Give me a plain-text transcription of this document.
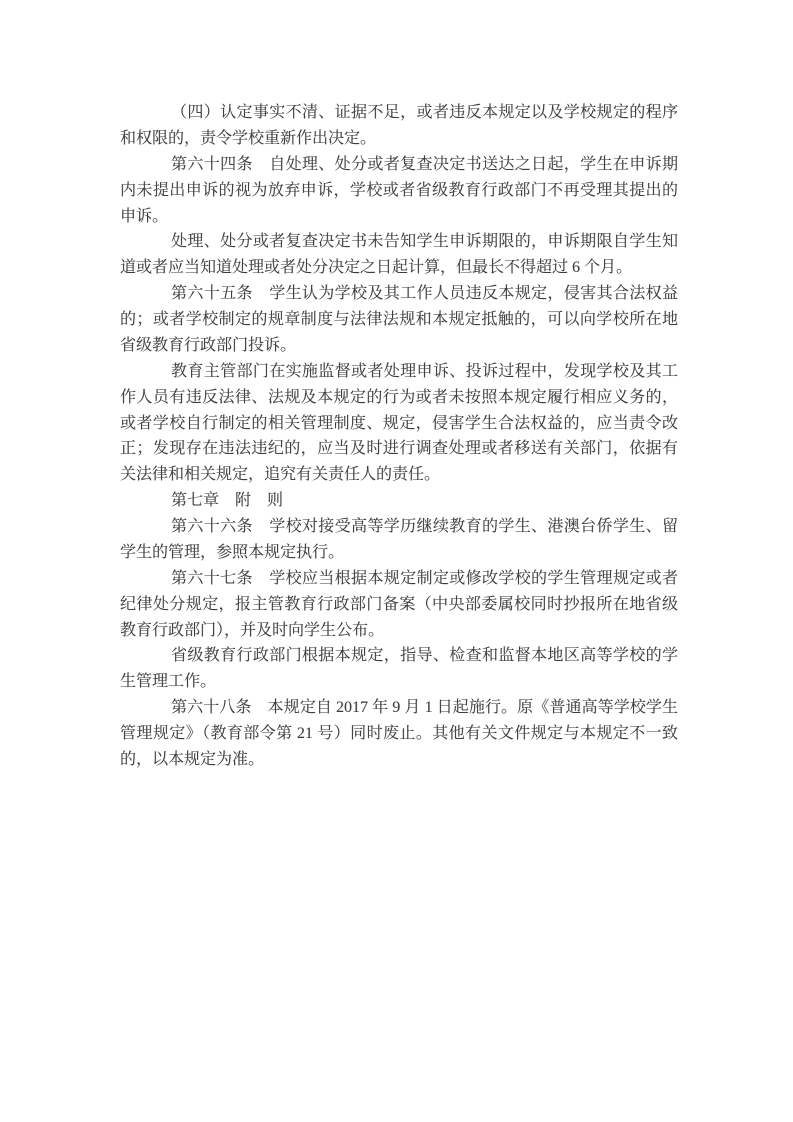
（四）认定事实不清、证据不足，或者违反本规定以及学校规定的程序和权限的，责令学校重新作出决定。

第六十四条　自处理、处分或者复查决定书送达之日起，学生在申诉期内未提出申诉的视为放弃申诉，学校或者省级教育行政部门不再受理其提出的申诉。

处理、处分或者复查决定书未告知学生申诉期限的，申诉期限自学生知道或者应当知道处理或者处分决定之日起计算，但最长不得超过 6 个月。

第六十五条　学生认为学校及其工作人员违反本规定，侵害其合法权益的；或者学校制定的规章制度与法律法规和本规定抵触的，可以向学校所在地省级教育行政部门投诉。

教育主管部门在实施监督或者处理申诉、投诉过程中，发现学校及其工作人员有违反法律、法规及本规定的行为或者未按照本规定履行相应义务的，或者学校自行制定的相关管理制度、规定，侵害学生合法权益的，应当责令改正；发现存在违法违纪的，应当及时进行调查处理或者移送有关部门，依据有关法律和相关规定，追究有关责任人的责任。

第七章　附　则

第六十六条　学校对接受高等学历继续教育的学生、港澳台侨学生、留学生的管理，参照本规定执行。

第六十七条　学校应当根据本规定制定或修改学校的学生管理规定或者纪律处分规定，报主管教育行政部门备案（中央部委属校同时抄报所在地省级教育行政部门），并及时向学生公布。

省级教育行政部门根据本规定，指导、检查和监督本地区高等学校的学生管理工作。

第六十八条　本规定自 2017 年 9 月 1 日起施行。原《普通高等学校学生管理规定》（教育部令第 21 号）同时废止。其他有关文件规定与本规定不一致的，以本规定为准。
